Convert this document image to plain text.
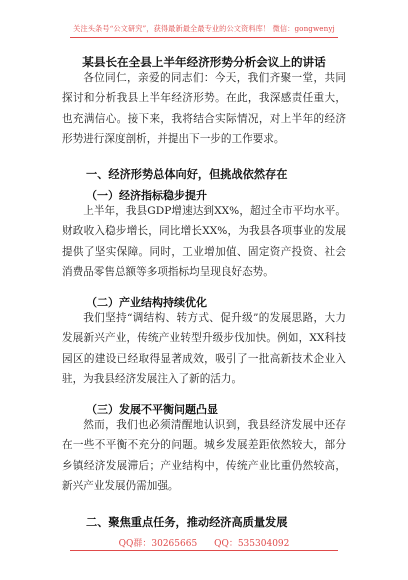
关注头条号“公文研究”，获得最新最全最专业的公文资料库！ 微信：gongwenyj
某县长在全县上半年经济形势分析会议上的讲话

各位同仁，亲爱的同志们：今天，我们齐聚一堂，共同探讨和分析我县上半年经济形势。在此，我深感责任重大，也充满信心。接下来，我将结合实际情况，对上半年的经济形势进行深度剖析，并提出下一步的工作要求。

一、经济形势总体向好，但挑战依然存在
（一）经济指标稳步提升

上半年，我县GDP增速达到XX%，超过全市平均水平。财政收入稳步增长，同比增长XX%，为我县各项事业的发展提供了坚实保障。同时，工业增加值、固定资产投资、社会消费品零售总额等多项指标均呈现良好态势。

（二）产业结构持续优化

我们坚持“调结构、转方式、促升级”的发展思路，大力发展新兴产业，传统产业转型升级步伐加快。例如，XX科技园区的建设已经取得显著成效，吸引了一批高新技术企业入驻，为我县经济发展注入了新的活力。

（三）发展不平衡问题凸显

然而，我们也必须清醒地认识到，我县经济发展中还存在一些不平衡不充分的问题。城乡发展差距依然较大，部分乡镇经济发展滞后；产业结构中，传统产业比重仍然较高，新兴产业发展仍需加强。

二、聚焦重点任务，推动经济高质量发展
QQ群：30265665 QQ：535304092
